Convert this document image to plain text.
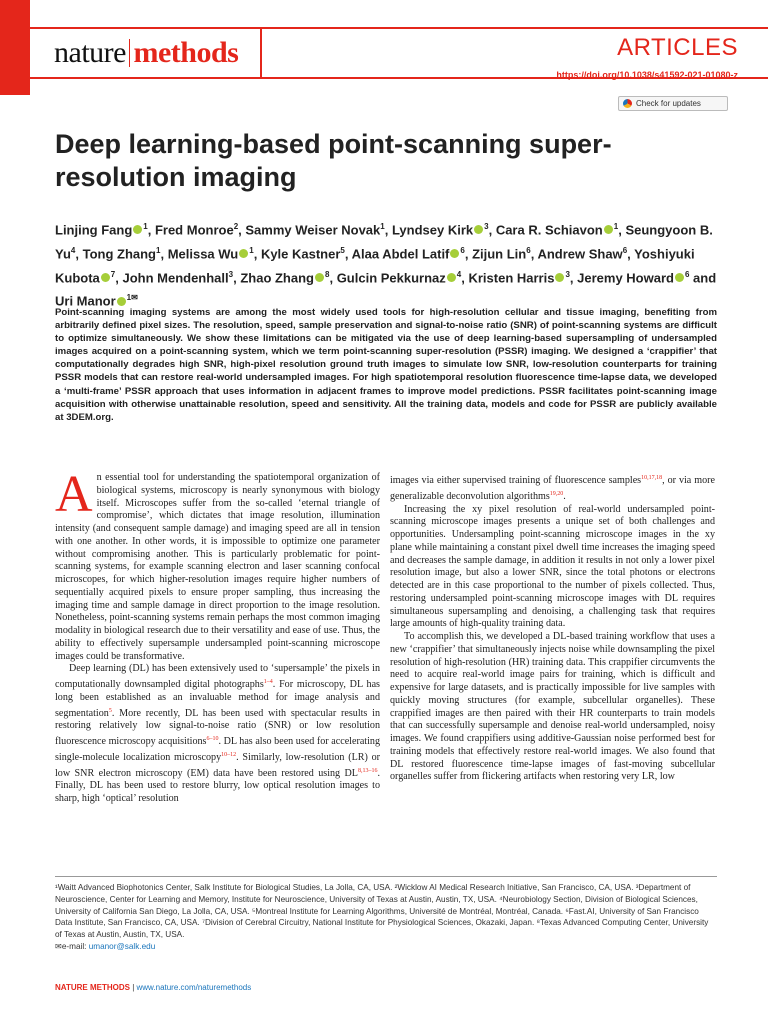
nature methods	ARTICLES
https://doi.org/10.1038/s41592-021-01080-z
Check for updates
Deep learning-based point-scanning super-resolution imaging
Linjing Fang $^1$, Fred Monroe$^2$, Sammy Weiser Novak$^1$, Lyndsey Kirk $^3$, Cara R. Schiavon $^1$, Seungyoon B. Yu$^4$, Tong Zhang$^1$, Melissa Wu $^1$, Kyle Kastner$^5$, Alaa Abdel Latif $^6$, Zijun Lin$^6$, Andrew Shaw$^6$, Yoshiyuki Kubota $^7$, John Mendenhall$^3$, Zhao Zhang $^8$, Gulcin Pekkurnaz $^4$, Kristen Harris $^3$, Jeremy Howard $^6$ and Uri Manor $^{1✉}$
Point-scanning imaging systems are among the most widely used tools for high-resolution cellular and tissue imaging, benefiting from arbitrarily defined pixel sizes. The resolution, speed, sample preservation and signal-to-noise ratio (SNR) of point-scanning systems are difficult to optimize simultaneously. We show these limitations can be mitigated via the use of deep learning-based supersampling of undersampled images acquired on a point-scanning system, which we term point-scanning super-resolution (PSSR) imaging. We designed a ‘crappifier’ that computationally degrades high SNR, high-pixel resolution ground truth images to simulate low SNR, low-resolution counterparts for training PSSR models that can restore real-world undersampled images. For high spatiotemporal resolution fluorescence time-lapse data, we developed a ‘multi-frame’ PSSR approach that uses information in adjacent frames to improve model predictions. PSSR facilitates point-scanning image acquisition with otherwise unattainable resolution, speed and sensitivity. All the training data, models and code for PSSR are publicly available at 3DEM.org.

An essential tool for understanding the spatiotemporal organization of biological systems, microscopy is nearly synonymous with biology itself. Microscopes suffer from the so-called ‘eternal triangle of compromise’, which dictates that image resolution, illumination intensity (and consequent sample damage) and imaging speed are all in tension with one another. In other words, it is impossible to optimize one parameter without compromising another. This is particularly problematic for point-scanning systems, for example scanning electron and laser scanning confocal microscopes, for which higher-resolution images require higher numbers of sequentially acquired pixels to ensure proper sampling, thus increasing the imaging time and sample damage in direct proportion to the image resolution. Nonetheless, point-scanning systems remain perhaps the most common imaging modality in biological research due to their versatility and ease of use. Thus, the ability to effectively supersample undersampled point-scanning microscope images could be transformative.

Deep learning (DL) has been extensively used to ‘supersample’ the pixels in computationally downsampled digital photographs$^{1-4}$. For microscopy, DL has long been established as an invaluable method for image analysis and segmentation$^5$. More recently, DL has been used with spectacular results in restoring relatively low signal-to-noise ratio (SNR) or low resolution fluorescence microscopy acquisitions$^{6-10}$. DL has also been used for accelerating single-molecule localization microscopy$^{10-12}$. Similarly, low-resolution (LR) or low SNR electron microscopy (EM) data have been restored using DL$^{8,13-16}$. Finally, DL has been used to restore blurry, low optical resolution images to sharp, high ‘optical’ resolution

images via either supervised training of fluorescence samples$^{10,17,18}$, or via more generalizable deconvolution algorithms$^{19,20}$.

Increasing the xy pixel resolution of real-world undersampled point-scanning microscope images presents a unique set of both challenges and opportunities. Undersampling point-scanning microscope images in the xy plane while maintaining a constant pixel dwell time increases the imaging speed and decreases the sample damage, in addition it results in not only a lower pixel resolution image, but also a lower SNR, since the total photons or electrons detected are in this case proportional to the number of pixels collected. Thus, restoring undersampled point-scanning microscope images with DL requires simultaneous supersampling and denoising, a challenging task that requires large amounts of high-quality training data.

To accomplish this, we developed a DL-based training workflow that uses a new ‘crappifier’ that simultaneously injects noise while downsampling the pixel resolution of high-resolution (HR) training data. This crappifier circumvents the need to acquire real-world image pairs for training, which is difficult and expensive for large datasets, and is practically impossible for live samples with quickly moving structures (for example, subcellular organelles). These crappified images are then paired with their HR counterparts to train models that can successfully supersample and denoise real-world undersampled, noisy images. We found crappifiers using additive-Gaussian noise performed best for training models that effectively restore real-world images. We also found that DL restored fluorescence time-lapse images of fast-moving subcellular organelles suffer from flickering artifacts when restoring very LR, low

¹Waitt Advanced Biophotonics Center, Salk Institute for Biological Studies, La Jolla, CA, USA. ²Wicklow AI Medical Research Initiative, San Francisco, CA, USA. ³Department of Neuroscience, Center for Learning and Memory, Institute for Neuroscience, University of Texas at Austin, Austin, TX, USA. ⁴Neurobiology Section, Division of Biological Sciences, University of California San Diego, La Jolla, CA, USA. ⁵Montreal Institute for Learning Algorithms, Université de Montréal, Montréal, Canada. ⁶Fast.AI, University of San Francisco Data Institute, San Francisco, CA, USA. ⁷Division of Cerebral Circuitry, National Institute for Physiological Sciences, Okazaki, Japan. ⁸Texas Advanced Computing Center, University of Texas at Austin, Austin, TX, USA.
✉e-mail: umanor@salk.edu
NATURE METHODS | www.nature.com/naturemethods
